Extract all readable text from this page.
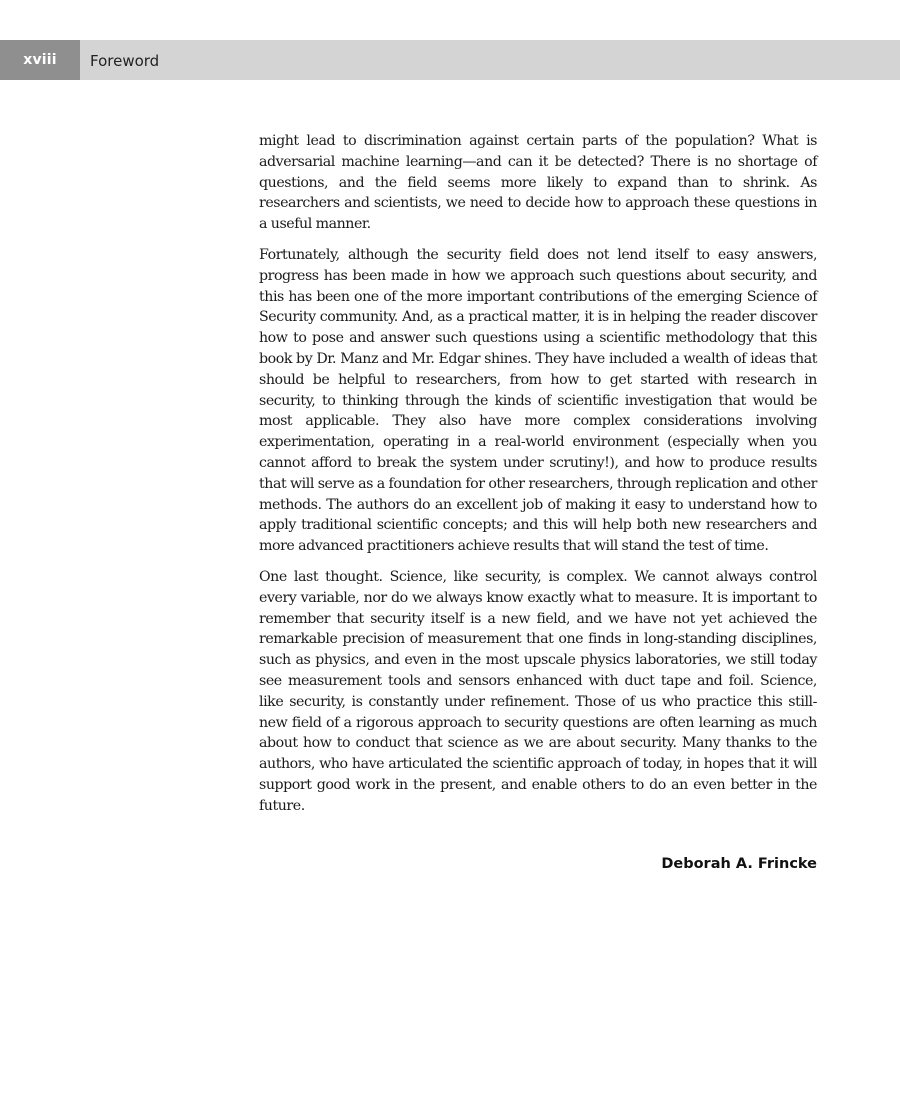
xviii Foreword

might lead to discrimination against certain parts of the population? What is adversarial machine learning—and can it be detected? There is no shortage of questions, and the field seems more likely to expand than to shrink. As researchers and scientists, we need to decide how to approach these questions in a useful manner.

Fortunately, although the security field does not lend itself to easy answers, progress has been made in how we approach such questions about security, and this has been one of the more important contributions of the emerging Science of Security community. And, as a practical matter, it is in helping the reader discover how to pose and answer such questions using a scientific methodology that this book by Dr. Manz and Mr. Edgar shines. They have included a wealth of ideas that should be helpful to researchers, from how to get started with research in security, to thinking through the kinds of scientific investigation that would be most applicable. They also have more complex considerations involving experimentation, operating in a real-world environment (especially when you cannot afford to break the system under scrutiny!), and how to produce results that will serve as a foundation for other researchers, through replication and other methods. The authors do an excellent job of making it easy to understand how to apply traditional scientific concepts; and this will help both new researchers and more advanced practitioners achieve results that will stand the test of time.

One last thought. Science, like security, is complex. We cannot always control every variable, nor do we always know exactly what to measure. It is important to remember that security itself is a new field, and we have not yet achieved the remarkable precision of measurement that one finds in long-standing disciplines, such as physics, and even in the most upscale physics laboratories, we still today see measurement tools and sensors enhanced with duct tape and foil. Science, like security, is constantly under refinement. Those of us who practice this still-new field of a rigorous approach to security questions are often learning as much about how to conduct that science as we are about security. Many thanks to the authors, who have articulated the scientific approach of today, in hopes that it will support good work in the present, and enable others to do an even better in the future.

Deborah A. Frincke
